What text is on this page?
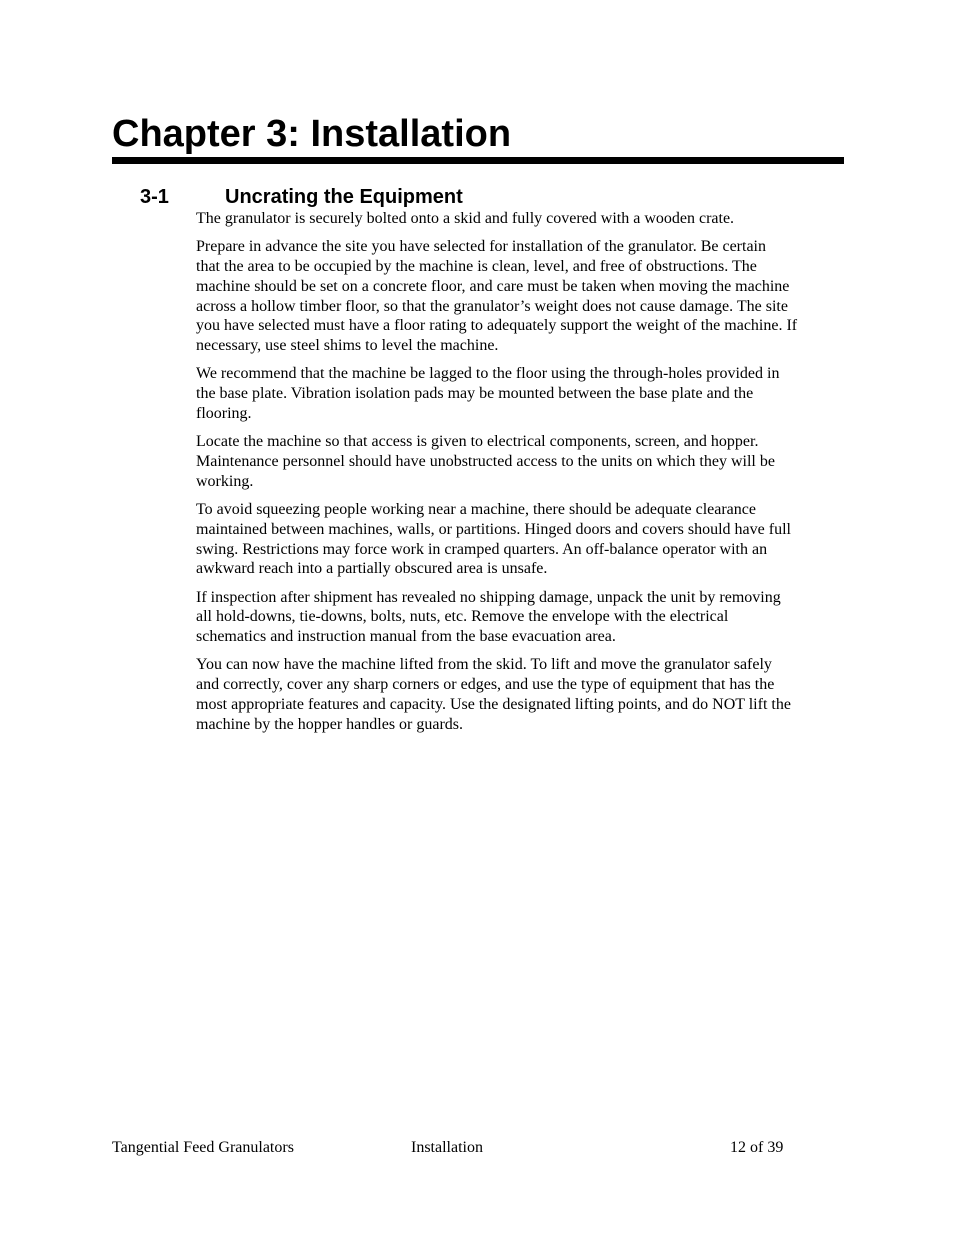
Chapter 3: Installation
3-1	Uncrating the Equipment

The granulator is securely bolted onto a skid and fully covered with a wooden crate.

Prepare in advance the site you have selected for installation of the granulator. Be certain
that the area to be occupied by the machine is clean, level, and free of obstructions. The
machine should be set on a concrete floor, and care must be taken when moving the machine
across a hollow timber floor, so that the granulator’s weight does not cause damage. The site
you have selected must have a floor rating to adequately support the weight of the machine. If
necessary, use steel shims to level the machine.

We recommend that the machine be lagged to the floor using the through-holes provided in
the base plate. Vibration isolation pads may be mounted between the base plate and the
flooring.

Locate the machine so that access is given to electrical components, screen, and hopper.
Maintenance personnel should have unobstructed access to the units on which they will be
working.

To avoid squeezing people working near a machine, there should be adequate clearance
maintained between machines, walls, or partitions. Hinged doors and covers should have full
swing. Restrictions may force work in cramped quarters. An off-balance operator with an
awkward reach into a partially obscured area is unsafe.

If inspection after shipment has revealed no shipping damage, unpack the unit by removing
all hold-downs, tie-downs, bolts, nuts, etc. Remove the envelope with the electrical
schematics and instruction manual from the base evacuation area.

You can now have the machine lifted from the skid. To lift and move the granulator safely
and correctly, cover any sharp corners or edges, and use the type of equipment that has the
most appropriate features and capacity. Use the designated lifting points, and do NOT lift the
machine by the hopper handles or guards.

Tangential Feed Granulators	Installation	12 of 39
